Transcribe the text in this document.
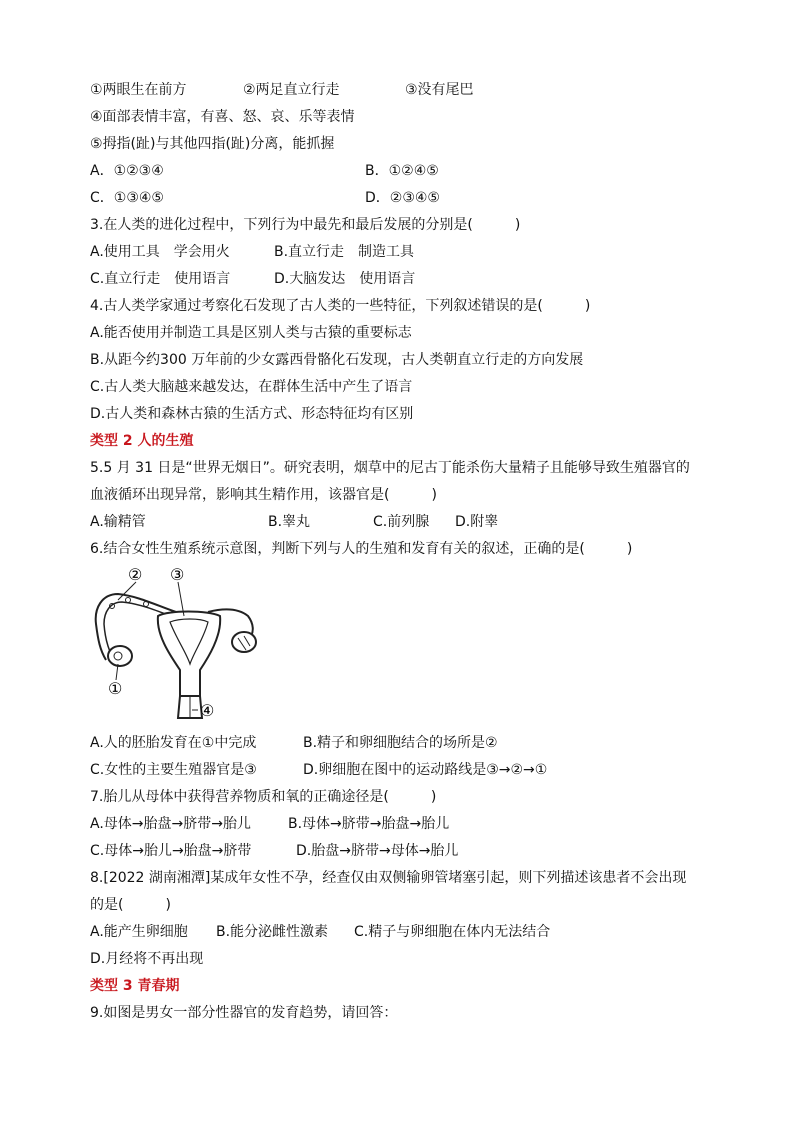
①两眼生在前方	②两足直立行走	③没有尾巴
④面部表情丰富，有喜、怒、哀、乐等表情
⑤拇指(趾)与其他四指(趾)分离，能抓握
A．①②③④	B．①②④⑤
C．①③④⑤	D．②③④⑤
3.在人类的进化过程中，下列行为中最先和最后发展的分别是(　　　)
A.使用工具　学会用火	B.直立行走　制造工具
C.直立行走　使用语言	D.大脑发达　使用语言
4.古人类学家通过考察化石发现了古人类的一些特征，下列叙述错误的是(　　　)
A.能否使用并制造工具是区别人类与古猿的重要标志
B.从距今约300 万年前的少女露西骨骼化石发现，古人类朝直立行走的方向发展
C.古人类大脑越来越发达，在群体生活中产生了语言
D.古人类和森林古猿的生活方式、形态特征均有区别
类型 2 人的生殖
5.5 月 31 日是“世界无烟日”。研究表明，烟草中的尼古丁能杀伤大量精子且能够导致生殖器官的
血液循环出现异常，影响其生精作用，该器官是(　　　)
A.输精管	B.睾丸	C.前列腺 D.附睾
6.结合女性生殖系统示意图，判断下列与人的生殖和发育有关的叙述，正确的是(　　　)
② ③
①
④
A.人的胚胎发育在①中完成	B.精子和卵细胞结合的场所是②
C.女性的主要生殖器官是③	D.卵细胞在图中的运动路线是③→②→①
7.胎儿从母体中获得营养物质和氧的正确途径是(　　　)
A.母体→胎盘→脐带→胎儿	B.母体→脐带→胎盘→胎儿
C.母体→胎儿→胎盘→脐带	D.胎盘→脐带→母体→胎儿
8.[2022 湖南湘潭]某成年女性不孕，经查仅由双侧输卵管堵塞引起，则下列描述该患者不会出现
的是(　　　)
A.能产生卵细胞 B.能分泌雌性激素 C.精子与卵细胞在体内无法结合
D.月经将不再出现
类型 3 青春期
9.如图是男女一部分性器官的发育趋势，请回答：
